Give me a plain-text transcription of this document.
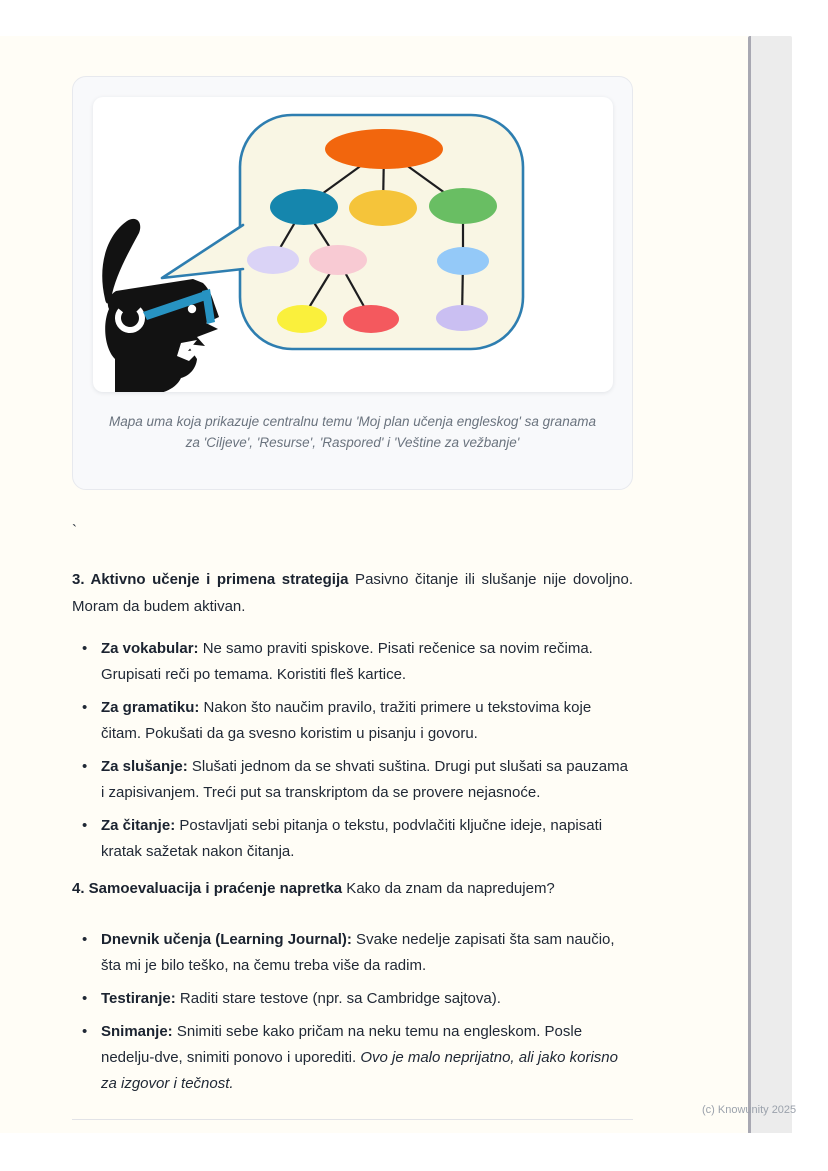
Mapa uma koja prikazuje centralnu temu 'Moj plan učenja engleskog' sa granama za 'Ciljeve', 'Resurse', 'Raspored' i 'Veštine za vežbanje'
`

3. Aktivno učenje i primena strategija Pasivno čitanje ili slušanje nije dovoljno. Moram da budem aktivan.

• Za vokabular: Ne samo praviti spiskove. Pisati rečenice sa novim rečima. Grupisati reči po temama. Koristiti fleš kartice.
• Za gramatiku: Nakon što naučim pravilo, tražiti primere u tekstovima koje čitam. Pokušati da ga svesno koristim u pisanju i govoru.
• Za slušanje: Slušati jednom da se shvati suština. Drugi put slušati sa pauzama i zapisivanjem. Treći put sa transkriptom da se provere nejasnoće.
• Za čitanje: Postavljati sebi pitanja o tekstu, podvlačiti ključne ideje, napisati kratak sažetak nakon čitanja.

4. Samoevaluacija i praćenje napretka Kako da znam da napredujem?

• Dnevnik učenja (Learning Journal): Svake nedelje zapisati šta sam naučio, šta mi je bilo teško, na čemu treba više da radim.
• Testiranje: Raditi stare testove (npr. sa Cambridge sajtova).
• Snimanje: Snimiti sebe kako pričam na neku temu na engleskom. Posle nedelju-dve, snimiti ponovo i uporediti. Ovo je malo neprijatno, ali jako korisno za izgovor i tečnost.
(c) Knowunity 2025
